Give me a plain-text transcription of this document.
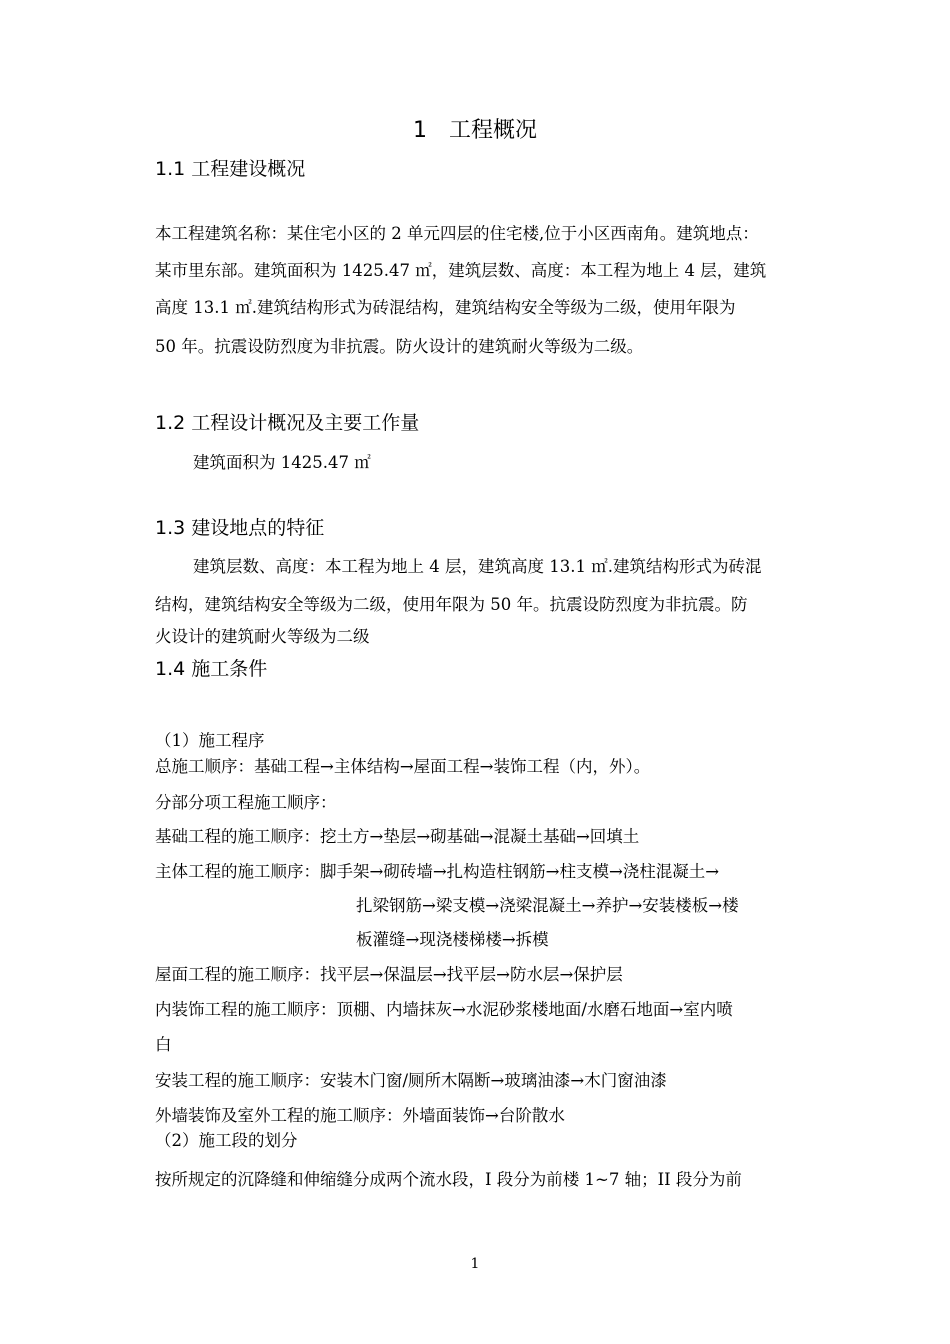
1　工程概况
1.1 工程建设概况
本工程建筑名称：某住宅小区的 2 单元四层的住宅楼,位于小区西南角。建筑地点：
某市里东部。建筑面积为 1425.47 ㎡，建筑层数、高度：本工程为地上 4 层，建筑
高度 13.1 ㎡.建筑结构形式为砖混结构，建筑结构安全等级为二级，使用年限为
50 年。抗震设防烈度为非抗震。防火设计的建筑耐火等级为二级。
1.2 工程设计概况及主要工作量
建筑面积为 1425.47 ㎡
1.3 建设地点的特征
建筑层数、高度：本工程为地上 4 层，建筑高度 13.1 ㎡.建筑结构形式为砖混
结构，建筑结构安全等级为二级，使用年限为 50 年。抗震设防烈度为非抗震。防
火设计的建筑耐火等级为二级
1.4 施工条件
（1）施工程序
总施工顺序：基础工程→主体结构→屋面工程→装饰工程（内，外）。
分部分项工程施工顺序：
基础工程的施工顺序：挖土方→垫层→砌基础→混凝土基础→回填土
主体工程的施工顺序：脚手架→砌砖墙→扎构造柱钢筋→柱支模→浇柱混凝土→
扎梁钢筋→梁支模→浇梁混凝土→养护→安装楼板→楼
板灌缝→现浇楼梯楼→拆模
屋面工程的施工顺序：找平层→保温层→找平层→防水层→保护层
内装饰工程的施工顺序：顶棚、内墙抹灰→水泥砂浆楼地面/水磨石地面→室内喷
白
安装工程的施工顺序：安装木门窗/厕所木隔断→玻璃油漆→木门窗油漆
外墙装饰及室外工程的施工顺序：外墙面装饰→台阶散水
（2）施工段的划分
按所规定的沉降缝和伸缩缝分成两个流水段，I 段分为前楼 1~7 轴；II 段分为前
1
